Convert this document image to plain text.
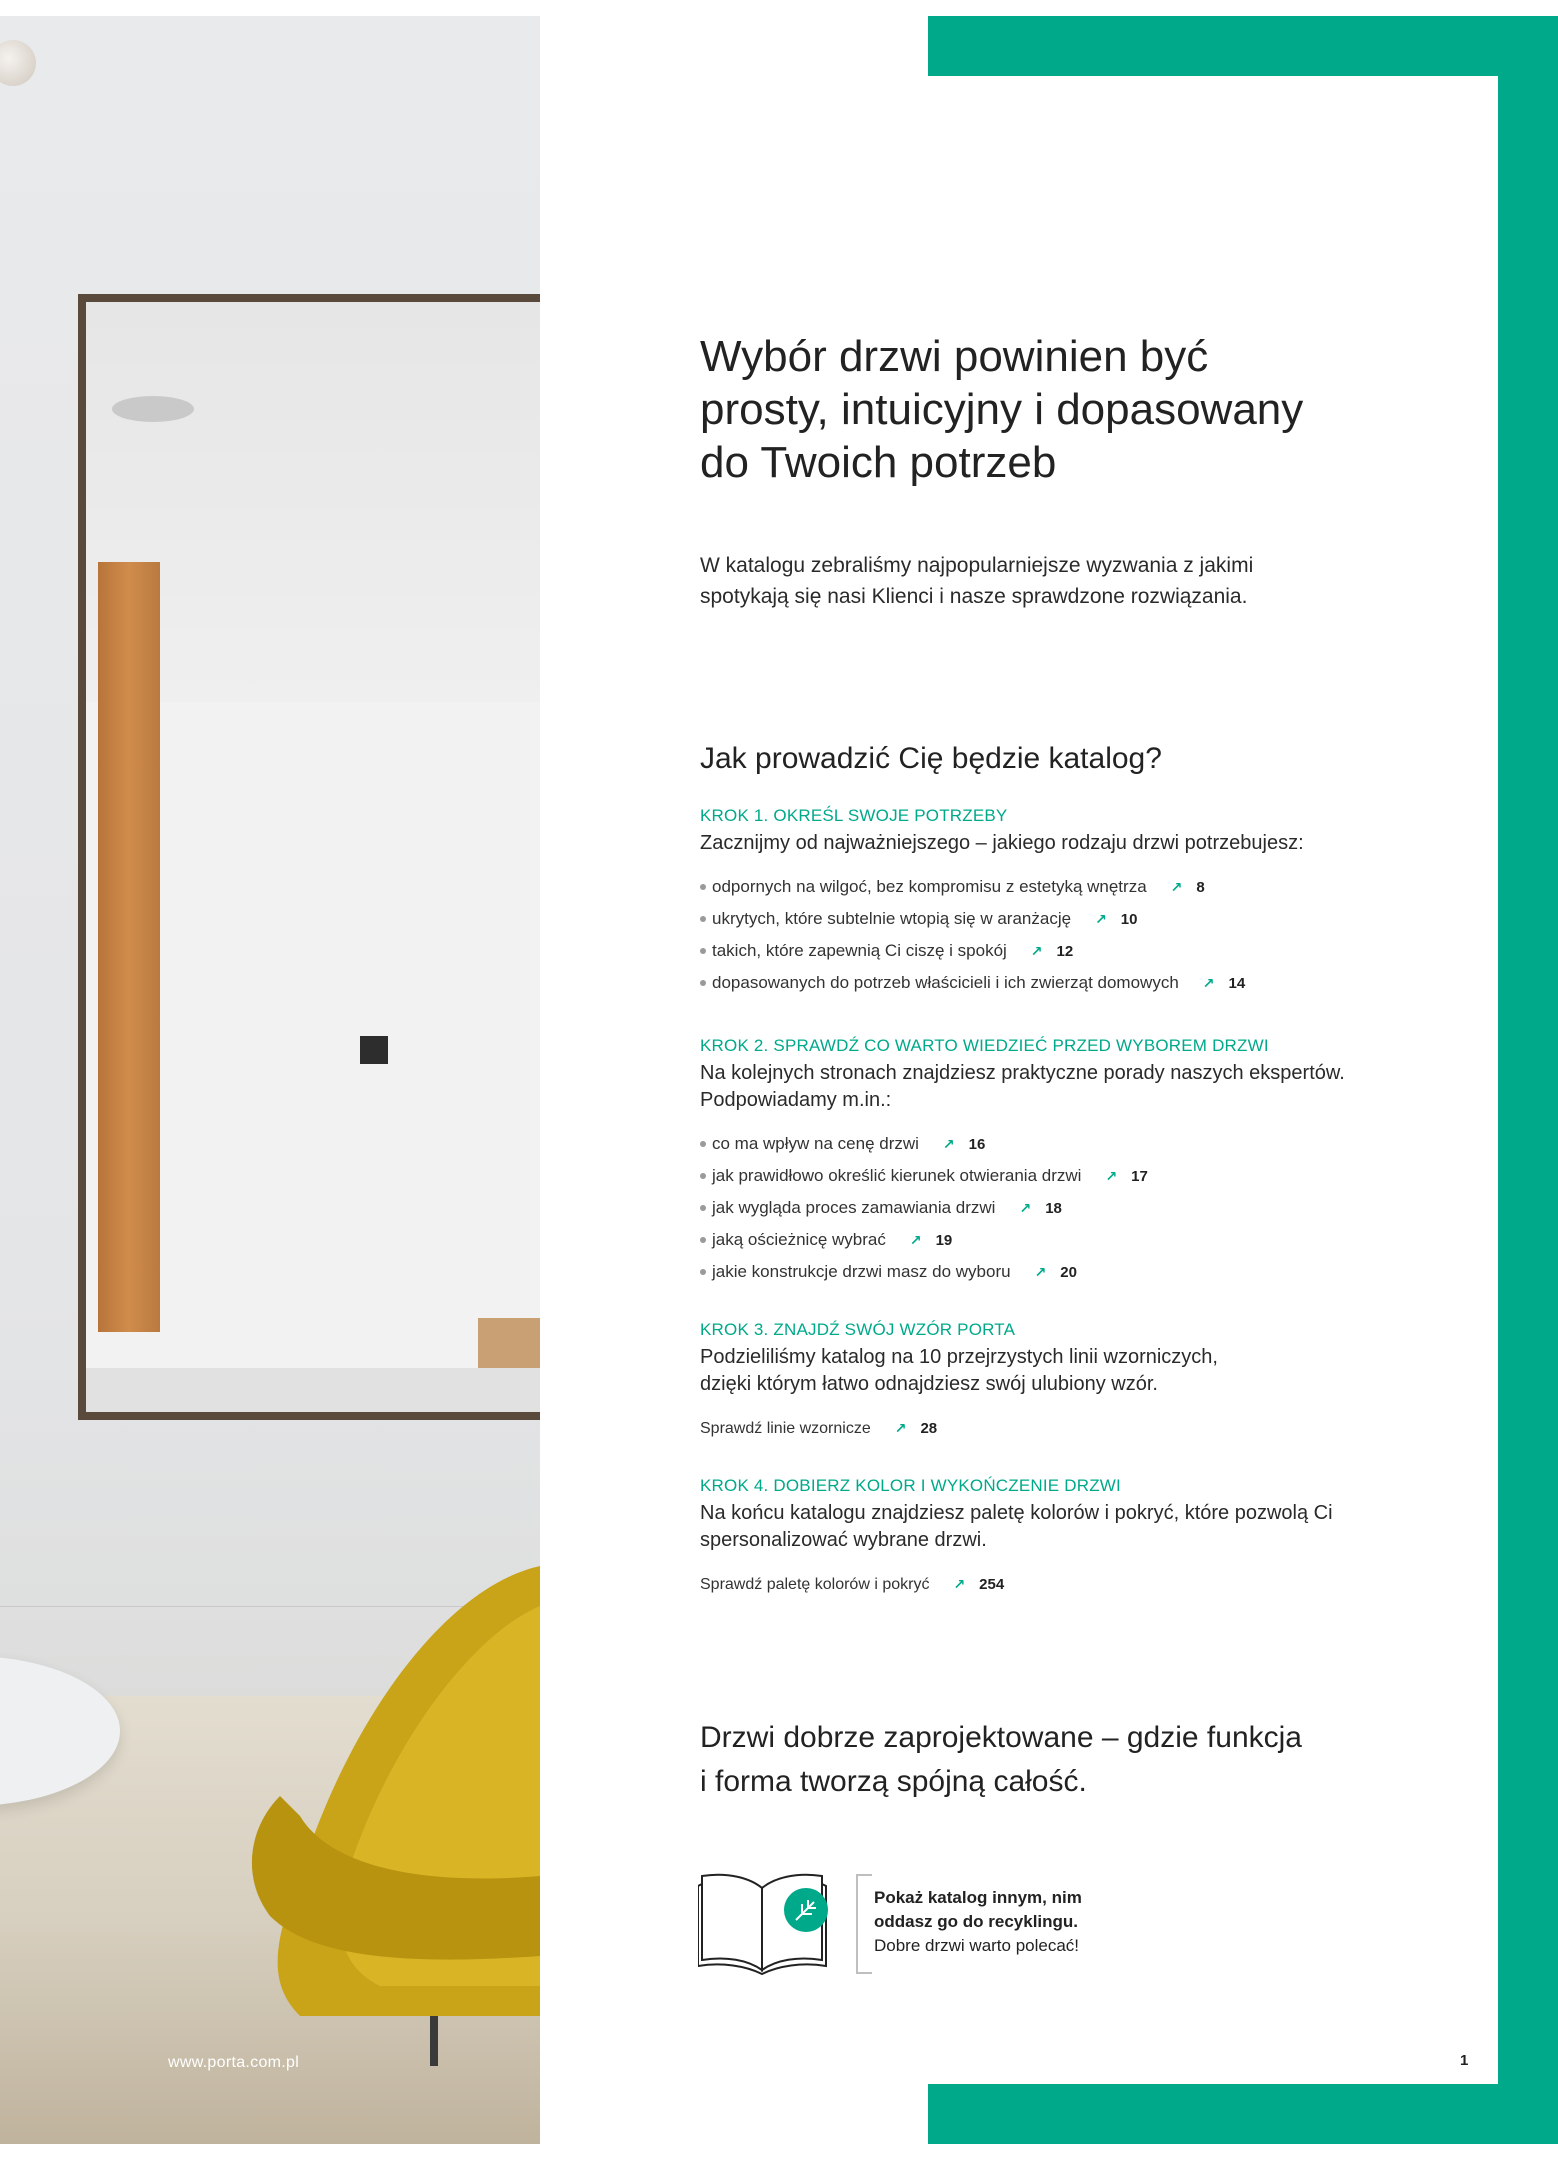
www.porta.com.pl
Wybór drzwi powinien być
prosty, intuicyjny i dopasowany
do Twoich potrzeb
W katalogu zebraliśmy najpopularniejsze wyzwania z jakimi
spotykają się nasi Klienci i nasze sprawdzone rozwiązania.
Jak prowadzić Cię będzie katalog?

KROK 1. OKREŚL SWOJE POTRZEBY

Zacznijmy od najważniejszego – jakiego rodzaju drzwi potrzebujesz:

odpornych na wilgoć, bez kompromisu z estetyką wnętrza ↗ 8
ukrytych, które subtelnie wtopią się w aranżację ↗ 10
takich, które zapewnią Ci ciszę i spokój ↗ 12
dopasowanych do potrzeb właścicieli i ich zwierząt domowych ↗ 14

KROK 2. SPRAWDŹ CO WARTO WIEDZIEĆ PRZED WYBOREM DRZWI

Na kolejnych stronach znajdziesz praktyczne porady naszych ekspertów.
Podpowiadamy m.in.:

co ma wpływ na cenę drzwi ↗ 16
jak prawidłowo określić kierunek otwierania drzwi ↗ 17
jak wygląda proces zamawiania drzwi ↗ 18
jaką ościeżnicę wybrać ↗ 19
jakie konstrukcje drzwi masz do wyboru ↗ 20

KROK 3. ZNAJDŹ SWÓJ WZÓR PORTA

Podzieliliśmy katalog na 10 przejrzystych linii wzorniczych,
dzięki którym łatwo odnajdziesz swój ulubiony wzór.

Sprawdź linie wzornicze ↗ 28

KROK 4. DOBIERZ KOLOR I WYKOŃCZENIE DRZWI

Na końcu katalogu znajdziesz paletę kolorów i pokryć, które pozwolą Ci
spersonalizować wybrane drzwi.

Sprawdź paletę kolorów i pokryć ↗ 254
Drzwi dobrze zaprojektowane – gdzie funkcja
i forma tworzą spójną całość.
Pokaż katalog innym, nim
oddasz go do recyklingu.
Dobre drzwi warto polecać!
1
